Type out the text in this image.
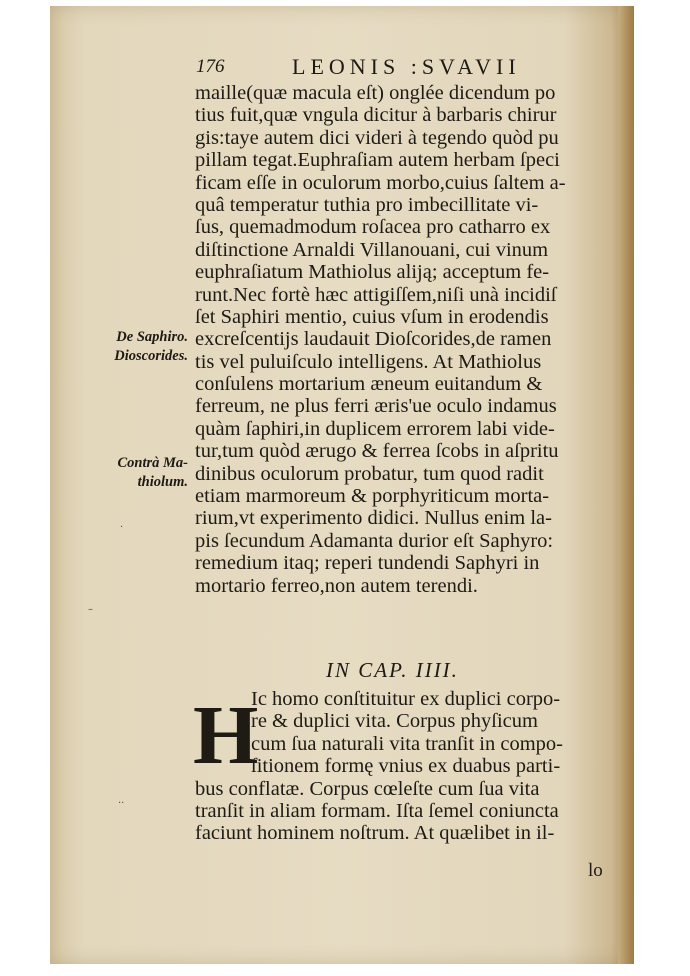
176	LEONIS :SVAVII
De Saphiro.
Dioscorides.
Contrà Ma-
thiolum.
maille(quæ macula eſt) onglée dicendum po
tius fuit,quæ vngula dicitur à barbaris chirur
gis:taye autem dici videri à tegendo quòd pu
pillam tegat.Euphraſiam autem herbam ſpeci
ficam eſſe in oculorum morbo,cuius ſaltem a-
quâ temperatur tuthia pro imbecillitate vi-
ſus, quemadmodum roſacea pro catharro ex
diſtinctione Arnaldi Villanouani, cui vinum
euphraſiatum Mathiolus aliją; acceptum fe-
runt.Nec fortè hæc attigiſſem,niſi unà incidiſ
ſet Saphiri mentio, cuius vſum in erodendis
excreſcentijs laudauit Dioſcorides,de ramen
tis vel puluiſculo intelligens. At Mathiolus
conſulens mortarium æneum euitandum &
ferreum, ne plus ferri æris'ue oculo indamus
quàm ſaphiri,in duplicem errorem labi vide-
tur,tum quòd ærugo & ferrea ſcobs in aſpritu
dinibus oculorum probatur, tum quod radit
etiam marmoreum & porphyriticum morta-
rium,vt experimento didici. Nullus enim la-
pis ſecundum Adamanta durior eſt Saphyro:
remedium itaq; reperi tundendi Saphyri in
mortario ferreo,non autem terendi.
IN CAP. IIII.
H
Ic homo conſtituitur ex duplici corpo-
re & duplici vita. Corpus phyſicum
cum ſua naturali vita tranſit in compo-
ſitionem formę vnius ex duabus parti-
bus conflatæ. Corpus cœleſte cum ſua vita
tranſit in aliam formam. Iſta ſemel coniuncta
faciunt hominem noſtrum. At quælibet in il-
lo
·
··
–
